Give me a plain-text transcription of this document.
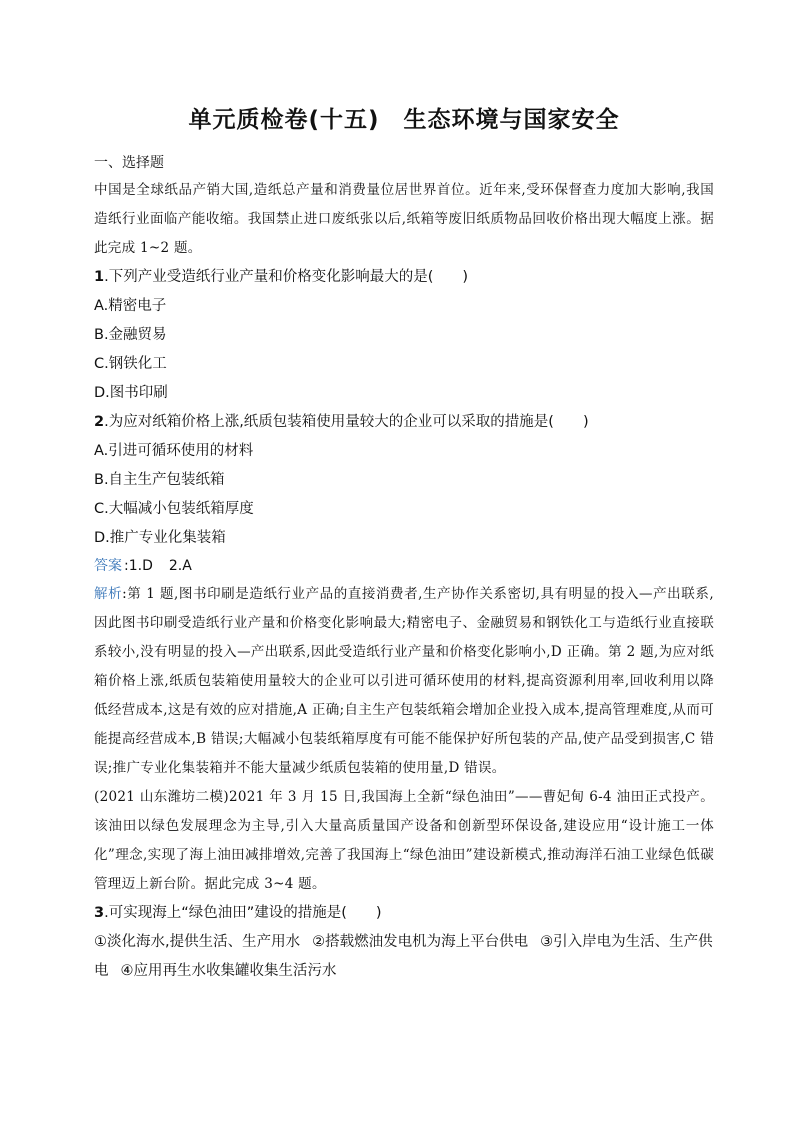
单元质检卷(十五) 生态环境与国家安全

一、选择题

中国是全球纸品产销大国,造纸总产量和消费量位居世界首位。近年来,受环保督查力度加大影响,我国造纸行业面临产能收缩。我国禁止进口废纸张以后,纸箱等废旧纸质物品回收价格出现大幅度上涨。据此完成 1~2 题。

1.下列产业受造纸行业产量和价格变化影响最大的是(　　)

A.精密电子

B.金融贸易

C.钢铁化工

D.图书印刷

2.为应对纸箱价格上涨,纸质包装箱使用量较大的企业可以采取的措施是(　　)

A.引进可循环使用的材料

B.自主生产包装纸箱

C.大幅减小包装纸箱厚度

D.推广专业化集装箱

答案 :1.D 2.A

解析:第 1 题,图书印刷是造纸行业产品的直接消费者,生产协作关系密切,具有明显的投入—产出联系,因此图书印刷受造纸行业产量和价格变化影响最大;精密电子、金融贸易和钢铁化工与造纸行业直接联系较小,没有明显的投入—产出联系,因此受造纸行业产量和价格变化影响小,D 正确。第 2 题,为应对纸箱价格上涨,纸质包装箱使用量较大的企业可以引进可循环使用的材料,提高资源利用率,回收利用以降低经营成本,这是有效的应对措施,A 正确;自主生产包装纸箱会增加企业投入成本,提高管理难度,从而可能提高经营成本,B 错误;大幅减小包装纸箱厚度有可能不能保护好所包装的产品,使产品受到损害,C 错误;推广专业化集装箱并不能大量减少纸质包装箱的使用量,D 错误。

(2021 山东潍坊二模)2021 年 3 月 15 日,我国海上全新“绿色油田”——曹妃甸 6-4 油田正式投产。该油田以绿色发展理念为主导,引入大量高质量国产设备和创新型环保设备,建设应用“设计施工一体化”理念,实现了海上油田减排增效,完善了我国海上“绿色油田”建设新模式,推动海洋石油工业绿色低碳管理迈上新台阶。据此完成 3~4 题。

3.可实现海上“绿色油田”建设的措施是(　　)

①淡化海水,提供生活、生产用水 ②搭载燃油发电机为海上平台供电 ③引入岸电为生活、生产供电 ④应用再生水收集罐收集生活污水
